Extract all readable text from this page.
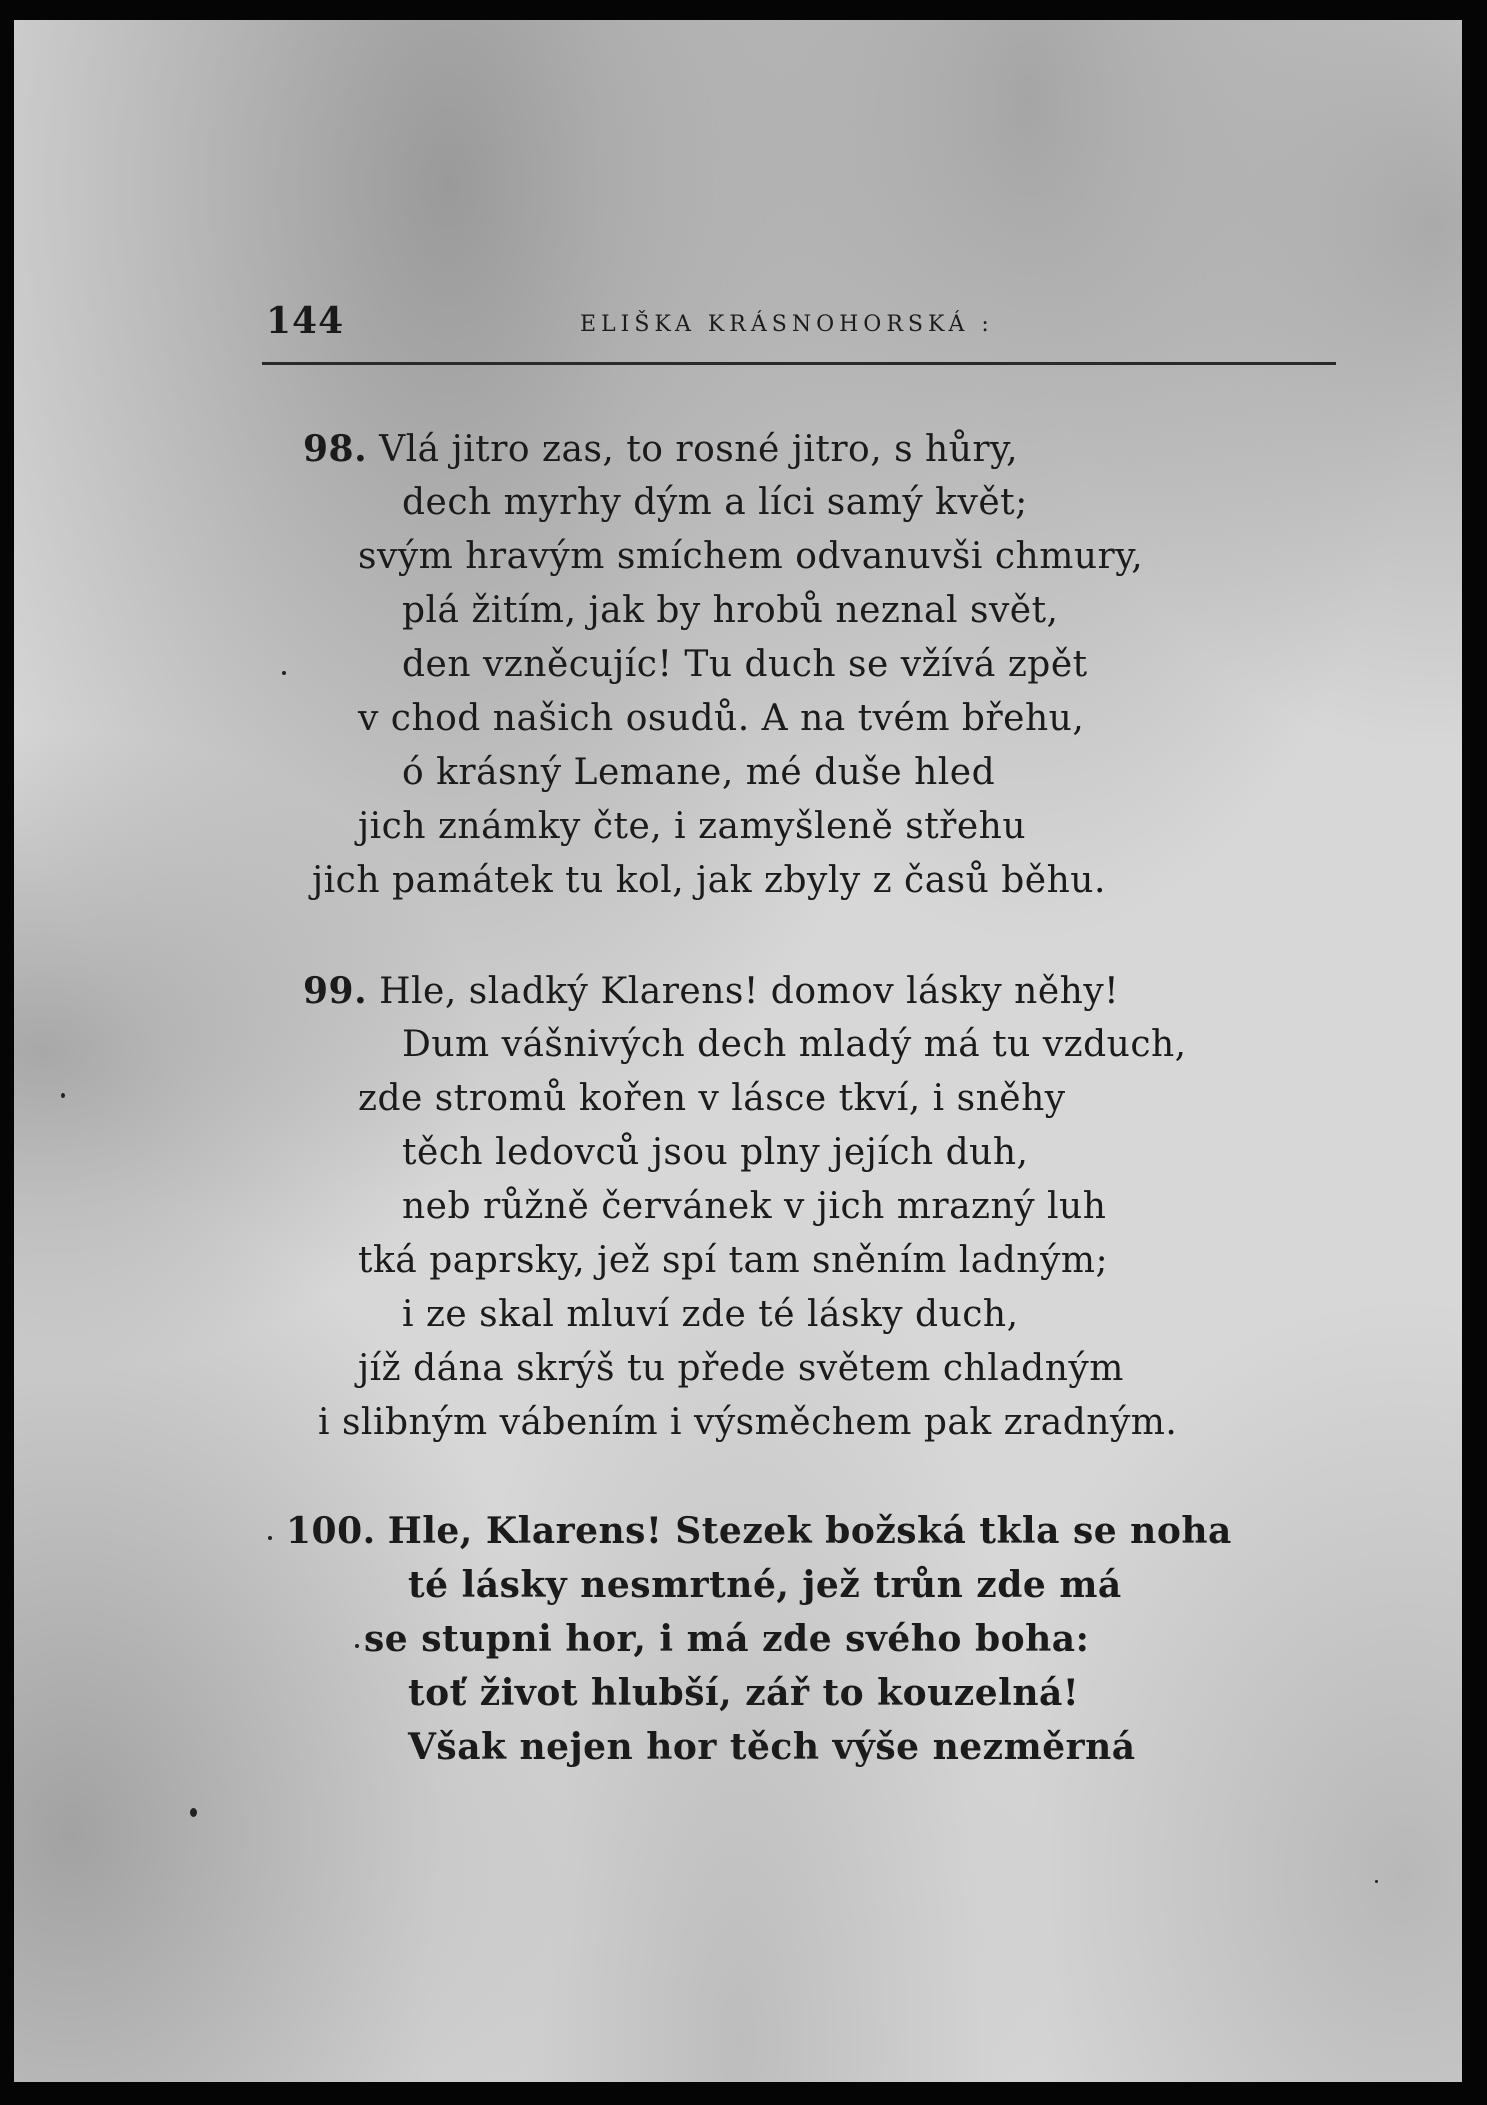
144	ELIŠKA KRÁSNOHORSKÁ :
98. Vlá jitro zas, to rosné jitro, s hůry,
dech myrhy dým a líci samý květ;
svým hravým smíchem odvanuvši chmury,
plá žitím, jak by hrobů neznal svět,
den vzněcujíc! Tu duch se vžívá zpět
v chod našich osudů. A na tvém břehu,
ó krásný Lemane, mé duše hled
jich známky čte, i zamyšleně střehu
jich památek tu kol, jak zbyly z časů běhu.
99. Hle, sladký Klarens! domov lásky něhy!
Dum vášnivých dech mladý má tu vzduch,
zde stromů kořen v lásce tkví, i sněhy
těch ledovců jsou plny jejích duh,
neb růžně červánek v jich mrazný luh
tká paprsky, jež spí tam sněním ladným;
i ze skal mluví zde té lásky duch,
jíž dána skrýš tu přede světem chladným
i slibným vábením i výsměchem pak zradným.
100. Hle, Klarens! Stezek božská tkla se noha
té lásky nesmrtné, jež trůn zde má
se stupni hor, i má zde svého boha:
toť život hlubší, zář to kouzelná!
Však nejen hor těch výše nezměrná
